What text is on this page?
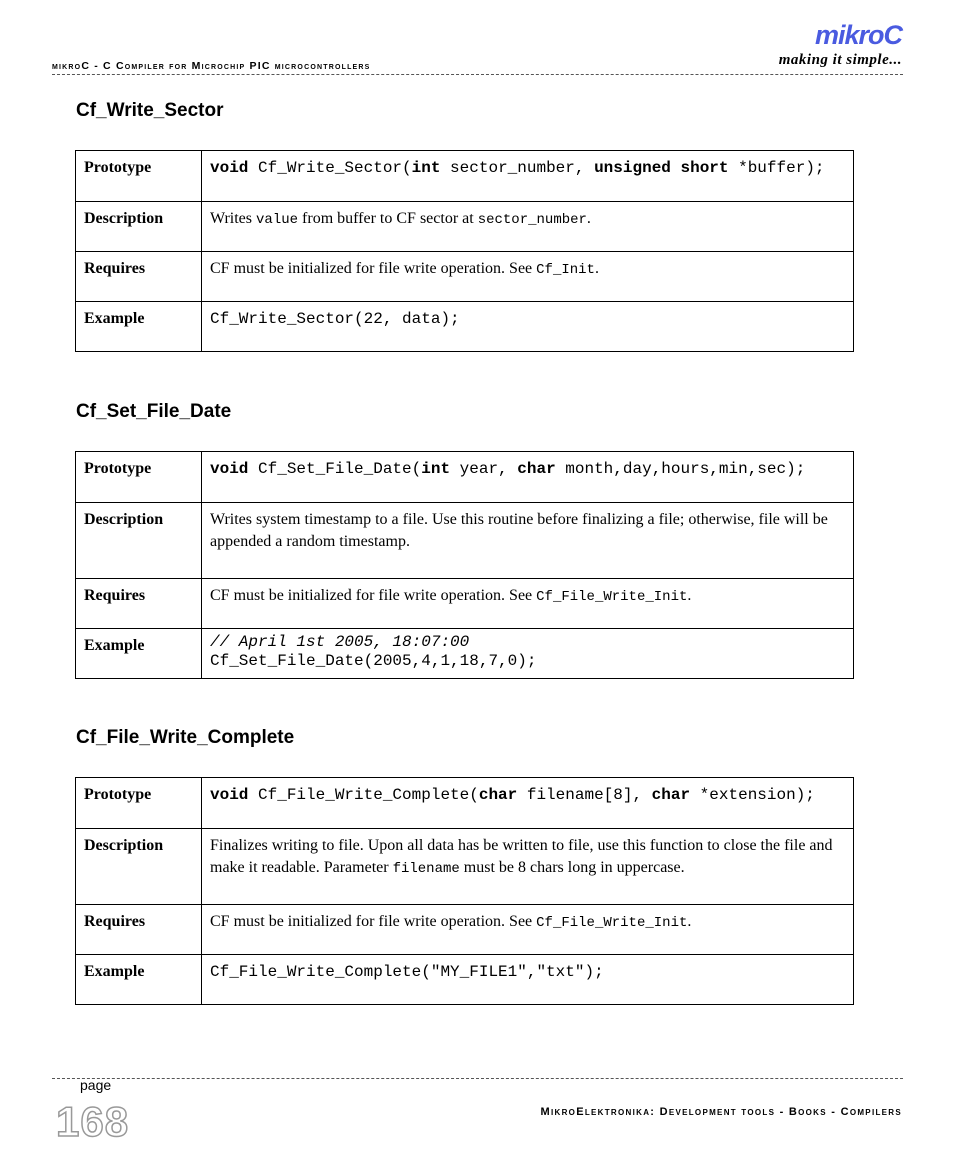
mikroC - C Compiler for Microchip PIC microcontrollers
mikroC
making it simple...
Cf_Write_Sector
Prototype	void Cf_Write_Sector(int sector_number, unsigned short *buffer);
Description	Writes value from buffer to CF sector at sector_number.
Requires	CF must be initialized for file write operation. See Cf_Init.
Example	Cf_Write_Sector(22, data);
Cf_Set_File_Date
Prototype	void Cf_Set_File_Date(int year, char month,day,hours,min,sec);
Description	Writes system timestamp to a file. Use this routine before finalizing a file; otherwise, file will be appended a random timestamp.
Requires	CF must be initialized for file write operation. See Cf_File_Write_Init.
Example	// April 1st 2005, 18:07:00
Cf_Set_File_Date(2005,4,1,18,7,0);
Cf_File_Write_Complete
Prototype	void Cf_File_Write_Complete(char filename[8], char *extension);
Description	Finalizes writing to file. Upon all data has be written to file, use this function to close the file and make it readable. Parameter filename must be 8 chars long in uppercase.
Requires	CF must be initialized for file write operation. See Cf_File_Write_Init.
Example	Cf_File_Write_Complete("MY_FILE1","txt");
page
168	MikroElektronika: Development tools - Books - Compilers
